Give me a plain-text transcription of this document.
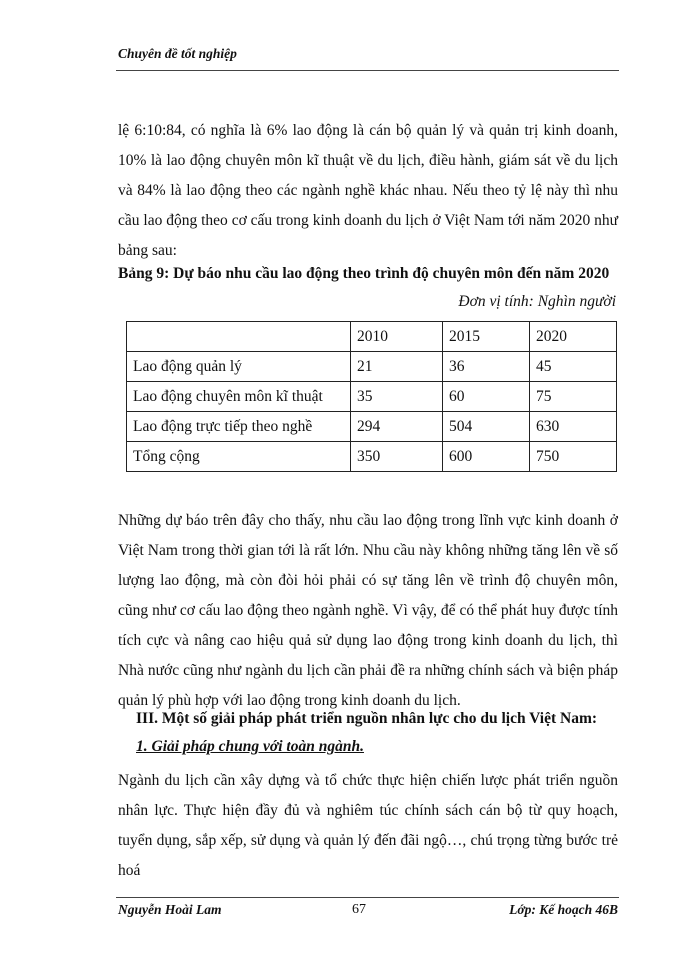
Chuyên đề tốt nghiệp

lệ 6:10:84, có nghĩa là 6% lao động là cán bộ quản lý và quản trị kinh doanh, 10% là lao động chuyên môn kĩ thuật về du lịch, điều hành, giám sát về du lịch và 84% là lao động theo các ngành nghề khác nhau. Nếu theo tỷ lệ này thì nhu cầu lao động theo cơ cấu trong kinh doanh du lịch ở Việt Nam tới năm 2020 như bảng sau:

Bảng 9: Dự báo nhu cầu lao động theo trình độ chuyên môn đến năm 2020
Đơn vị tính: Nghìn người
	2010	2015	2020
Lao động quản lý	21	36	45
Lao động chuyên môn kĩ thuật	35	60	75
Lao động trực tiếp theo nghề	294	504	630
Tổng cộng	350	600	750

Những dự báo trên đây cho thấy, nhu cầu lao động trong lĩnh vực kinh doanh ở Việt Nam trong thời gian tới là rất lớn. Nhu cầu này không những tăng lên về số lượng lao động, mà còn đòi hỏi phải có sự tăng lên về trình độ chuyên môn, cũng như cơ cấu lao động theo ngành nghề. Vì vậy, để có thể phát huy được tính tích cực và nâng cao hiệu quả sử dụng lao động trong kinh doanh du lịch, thì Nhà nước cũng như ngành du lịch cần phải đề ra những chính sách và biện pháp quản lý phù hợp với lao động trong kinh doanh du lịch.

III. Một số giải pháp phát triển nguồn nhân lực cho du lịch Việt Nam:
1. Giải pháp chung với toàn ngành.

Ngành du lịch cần xây dựng và tổ chức thực hiện chiến lược phát triển nguồn nhân lực. Thực hiện đầy đủ và nghiêm túc chính sách cán bộ từ quy hoạch, tuyển dụng, sắp xếp, sử dụng và quản lý đến đãi ngộ…, chú trọng từng bước trẻ hoá

Nguyễn Hoài Lam	67	Lớp: Kế hoạch 46B
